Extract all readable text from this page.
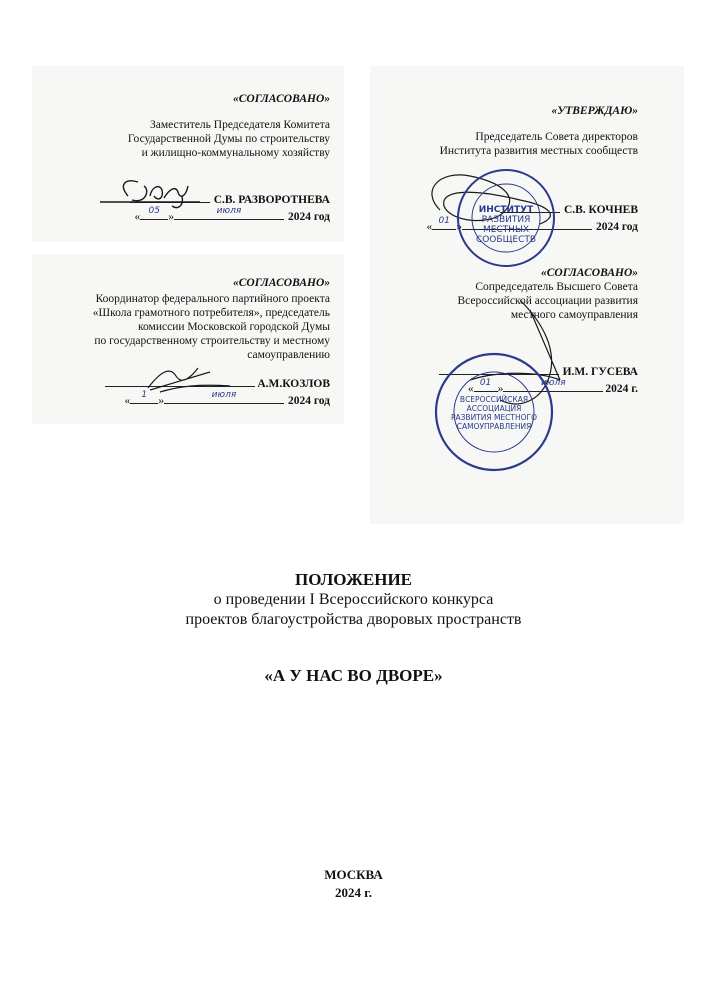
«СОГЛАСОВАНО»
Заместитель Председателя Комитета
Государственной Думы по строительству
и жилищно-коммунальному хозяйству
С.В. РАЗВОРОТНЕВА
« 05 »	июля	2024 год
«СОГЛАСОВАНО»
Координатор федерального партийного проекта
«Школа грамотного потребителя», председатель
комиссии Московской городской Думы
по государственному строительству и местному
самоуправлению
А.М.КОЗЛОВ
«	1 »	июля	2024 год
«УТВЕРЖДАЮ»
Председатель Совета директоров
Института развития местных сообществ
С.В. КОЧНЕВ
« 01 »	2024 год
«СОГЛАСОВАНО»
Сопредседатель Высшего Совета
Всероссийской ассоциации развития
местного самоуправления
И.М. ГУСЕВА
« 01 »	июля	2024 г.
ИНСТИТУТ
РАЗВИТИЯ
МЕСТНЫХ
СООБЩЕСТВ
ВСЕРОССИЙСКАЯ
АССОЦИАЦИЯ
РАЗВИТИЯ МЕСТНОГО
САМОУПРАВЛЕНИЯ
ПОЛОЖЕНИЕ
о проведении I Всероссийского конкурса
проектов благоустройства дворовых пространств
«А У НАС ВО ДВОРЕ»
МОСКВА
2024 г.
